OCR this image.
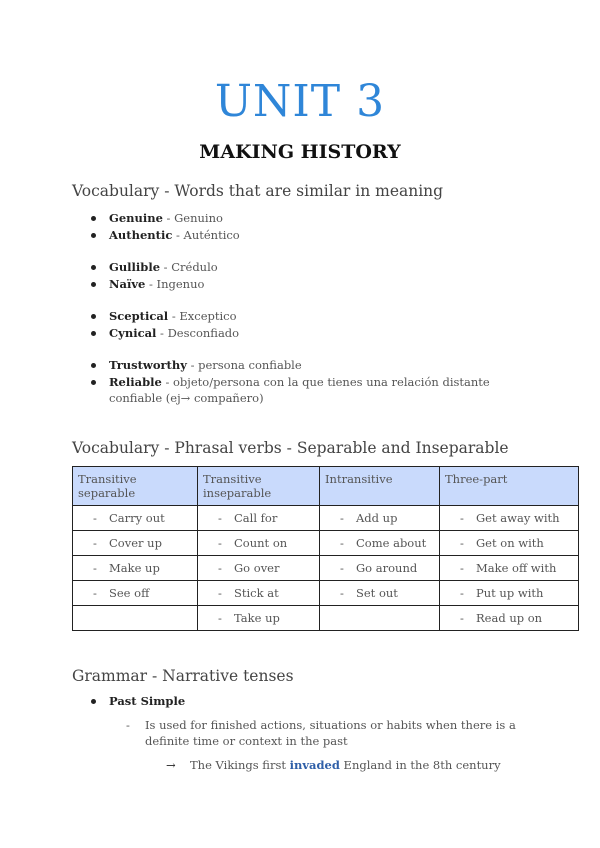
UNIT 3
MAKING HISTORY
Vocabulary - Words that are similar in meaning
Genuine - Genuino
Authentic - Auténtico
Gullible - Crédulo
Naïve - Ingenuo
Sceptical - Exceptico
Cynical - Desconfiado
Trustworthy - persona confiable
Reliable - objeto/persona con la que tienes una relación distante confiable (ej→ compañero)
Vocabulary - Phrasal verbs - Separable and Inseparable
Transitive separable	Transitive inseparable	Intransitive	Three-part
- Carry out	- Call for	- Add up	- Get away with
- Cover up	- Count on	- Come about	- Get on with
- Make up	- Go over	- Go around	- Make off with
- See off	- Stick at	- Set out	- Put up with
	- Take up		- Read up on
Grammar - Narrative tenses
Past Simple
- Is used for finished actions, situations or habits when there is a definite time or context in the past
→ The Vikings first invaded England in the 8th century
